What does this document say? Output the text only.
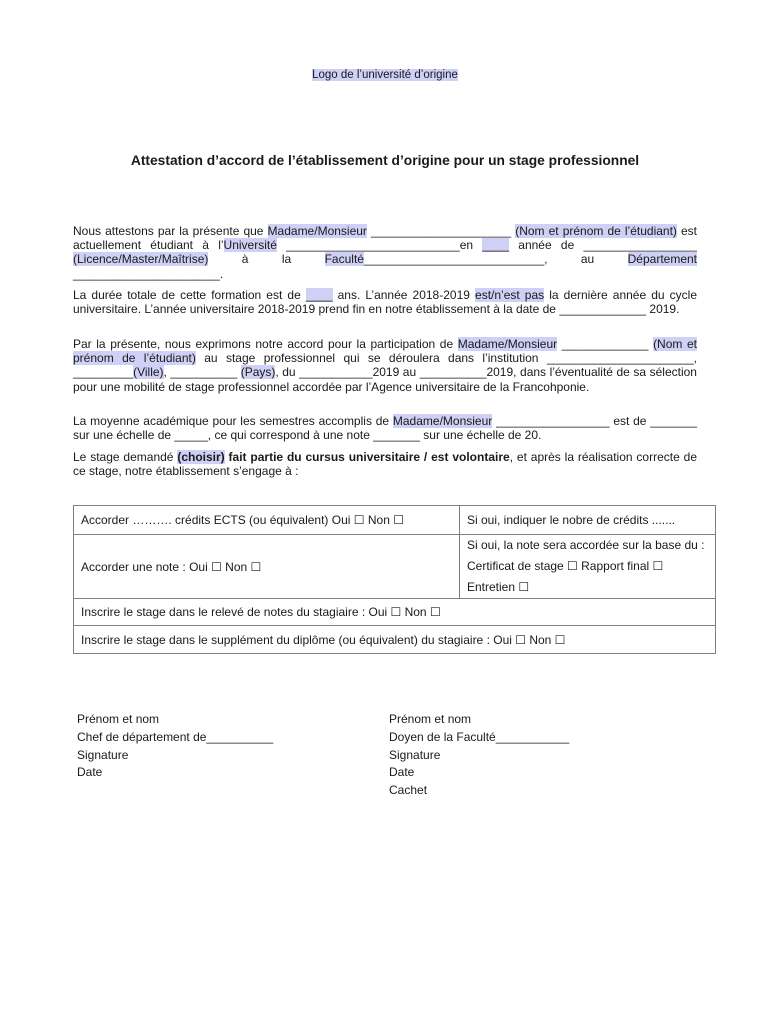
Logo de l’université d’origine
Attestation d’accord de l’établissement d’origine pour un stage professionnel

Nous attestons par la présente que Madame/Monsieur _____________________ (Nom et prénom de l’étudiant) est actuellement étudiant à l’Université __________________________en ____ année de _________________ (Licence/Master/Maîtrise) à la Faculté___________________________, au Département ______________________.

La durée totale de cette formation est de ____ ans. L’année 2018-2019 est/n’est pas la dernière année du cycle universitaire. L’année universitaire 2018-2019 prend fin en notre établissement à la date de _____________ 2019.

Par la présente, nous exprimons notre accord pour la participation de Madame/Monsieur _____________ (Nom et prénom de l’étudiant) au stage professionnel qui se déroulera dans l’institution ______________________, _________(Ville), __________ (Pays), du ___________2019 au __________2019, dans l’éventualité de sa sélection pour une mobilité de stage professionnel accordée par l’Agence universitaire de la Francohponie.

La moyenne académique pour les semestres accomplis de Madame/Monsieur _________________ est de _______ sur une échelle de _____, ce qui correspond à une note _______ sur une échelle de 20.

Le stage demandé (choisir) fait partie du cursus universitaire / est volontaire, et après la réalisation correcte de ce stage, notre établissement s’engage à :

Accorder ………. crédits ECTS (ou équivalent) Oui ☐ Non ☐	Si oui, indiquer le nobre de crédits .......
Accorder une note : Oui ☐ Non ☐	Si oui, la note sera accordée sur la base du :
Certificat de stage ☐ Rapport final ☐ Entretien ☐

Inscrire le stage dans le relevé de notes du stagiaire : Oui ☐ Non ☐	
Inscrire le stage dans le supplément du diplôme (ou équivalent) du stagiaire : Oui ☐ Non ☐	
Prénom et nom
Chef de département de__________
Signature
Date
Prénom et nom
Doyen de la Faculté___________
Signature
Date
Cachet
